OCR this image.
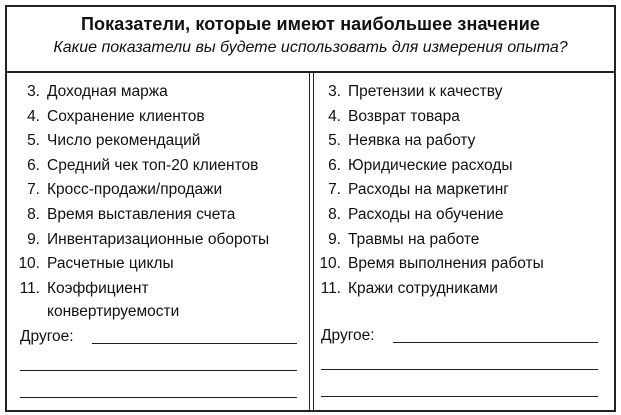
Показатели, которые имеют наибольшее значение
Какие показатели вы будете использовать для измерения опыта?
3. Доходная маржа
4. Сохранение клиентов
5. Число рекомендаций
6. Средний чек топ-20 клиентов
7. Кросс-продажи/продажи
8. Время выставления счета
9. Инвентаризационные обороты
10. Расчетные циклы
11. Коэффициент конвертируемости
Другое:
3. Претензии к качеству
4. Возврат товара
5. Неявка на работу
6. Юридические расходы
7. Расходы на маркетинг
8. Расходы на обучение
9. Травмы на работе
10. Время выполнения работы
11. Кражи сотрудниками
Другое:
